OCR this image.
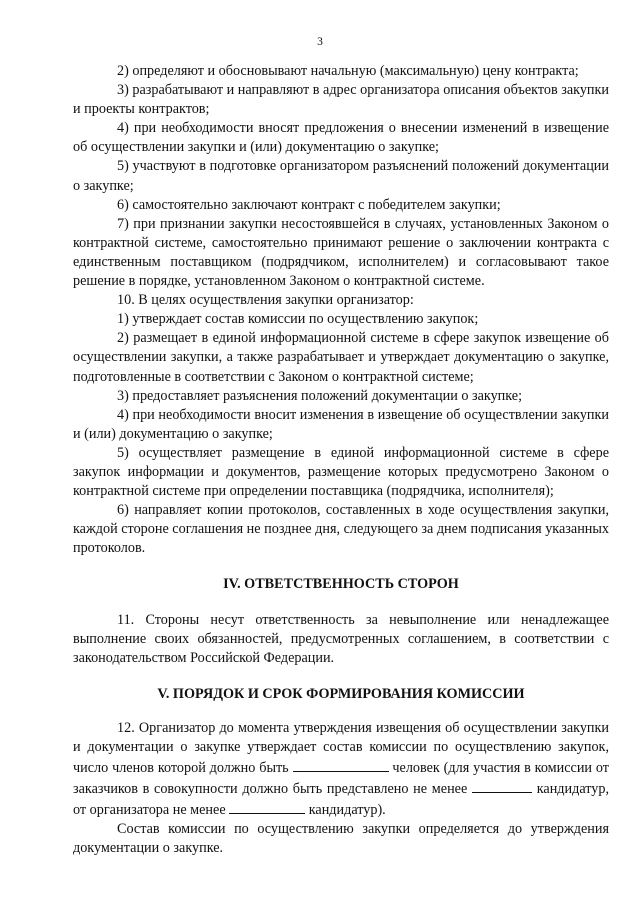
3

2) определяют и обосновывают начальную (максимальную) цену контракта;

3) разрабатывают и направляют в адрес организатора описания объектов закупки и проекты контрактов;

4) при необходимости вносят предложения о внесении изменений в извещение об осуществлении закупки и (или) документацию о закупке;

5) участвуют в подготовке организатором разъяснений положений документации о закупке;

6) самостоятельно заключают контракт с победителем закупки;

7) при признании закупки несостоявшейся в случаях, установленных Законом о контрактной системе, самостоятельно принимают решение о заключении контракта с единственным поставщиком (подрядчиком, исполнителем) и согласовывают такое решение в порядке, установленном Законом о контрактной системе.

10. В целях осуществления закупки организатор:

1) утверждает состав комиссии по осуществлению закупок;

2) размещает в единой информационной системе в сфере закупок извещение об осуществлении закупки, а также разрабатывает и утверждает документацию о закупке, подготовленные в соответствии с Законом о контрактной системе;

3) предоставляет разъяснения положений документации о закупке;

4) при необходимости вносит изменения в извещение об осуществлении закупки и (или) документацию о закупке;

5) осуществляет размещение в единой информационной системе в сфере закупок информации и документов, размещение которых предусмотрено Законом о контрактной системе при определении поставщика (подрядчика, исполнителя);

6) направляет копии протоколов, составленных в ходе осуществления закупки, каждой стороне соглашения не позднее дня, следующего за днем подписания указанных протоколов.

IV. ОТВЕТСТВЕННОСТЬ СТОРОН

11. Стороны несут ответственность за невыполнение или ненадлежащее выполнение своих обязанностей, предусмотренных соглашением, в соответствии с законодательством Российской Федерации.

V. ПОРЯДОК И СРОК ФОРМИРОВАНИЯ КОМИССИИ

12. Организатор до момента утверждения извещения об осуществлении закупки и документации о закупке утверждает состав комиссии по осуществлению закупок, число членов которой должно быть	человек (для участия в комиссии от заказчиков в совокупности должно быть представлено не менее	кандидатур, от организатора не менее	кандидатур).

Состав комиссии по осуществлению закупки определяется до утверждения документации о закупке.
